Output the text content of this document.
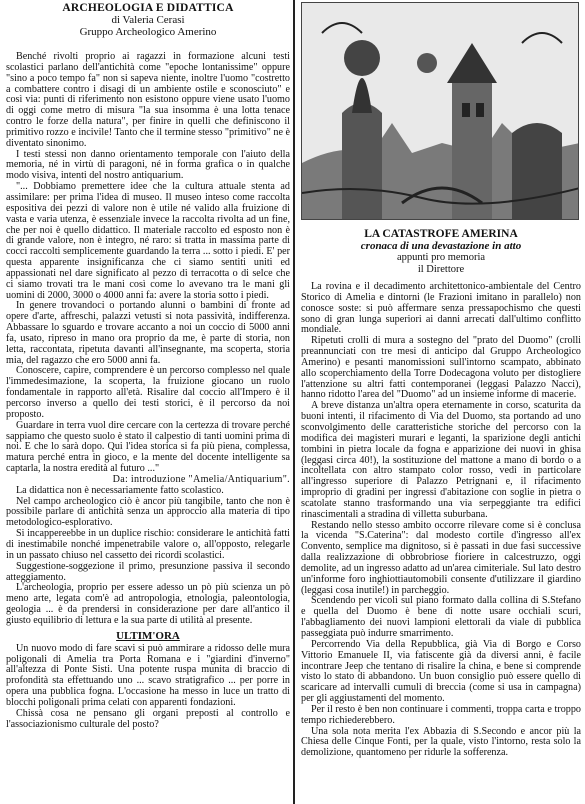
ARCHEOLOGIA E DIDATTICA
di Valeria Cerasi
Gruppo Archeologico Amerino

Benché rivolti proprio ai ragazzi in formazione alcuni testi scolastici parlano dell'antichità come "epoche lontanissime" oppure "sino a poco tempo fa" non si sapeva niente, inoltre l'uomo "costretto a combattere contro i disagi di un ambiente ostile e sconosciuto" e così via: punti di riferimento non esistono oppure viene usato l'uomo di oggi come metro di misura "la sua insomma è una lotta tenace contro le forze della natura", per finire in quelli che definiscono il primitivo rozzo e incivile! Tanto che il termine stesso "primitivo" ne è diventato sinonimo.

I testi stessi non danno orientamento temporale con l'aiuto della memoria, né in virtù di paragoni, né in forma grafica o in qualche modo visiva, intenti del nostro antiquarium.

"... Dobbiamo premettere idee che la cultura attuale stenta ad assimilare: per prima l'idea di museo. Il museo inteso come raccolta espositiva dei pezzi di valore non è utile né valido alla fruizione di vasta e varia utenza, è essenziale invece la raccolta rivolta ad un fine, che per noi è quello didattico. Il materiale raccolto ed esposto non è di grande valore, non è integro, né raro: si tratta in massima parte di cocci raccolti semplicemente guardando la terra ... sotto i piedi. E' per questa apparente insignificanza che ci siamo sentiti uniti ed appassionati nel dare significato al pezzo di terracotta o di selce che ci siamo trovati tra le mani così come lo avevano tra le mani gli uomini di 2000, 3000 o 4000 anni fa: avere la storia sotto i piedi.

In genere trovandoci o portando alunni o bambini di fronte ad opere d'arte, affreschi, palazzi vetusti si nota passività, indifferenza. Abbassare lo sguardo e trovare accanto a noi un coccio di 5000 anni fa, usato, ripreso in mano ora proprio da me, è parte di storia, non letta, raccontata, ripetuta davanti all'insegnante, ma scoperta, storia mia, del ragazzo che ero 5000 anni fa.

Conoscere, capire, comprendere è un percorso complesso nel quale l'immedesimazione, la scoperta, la fruizione giocano un ruolo fondamentale in rapporto all'età. Risalire dal coccio all'Impero è il percorso inverso a quello dei testi storici, è il percorso da noi proposto.

Guardare in terra vuol dire cercare con la certezza di trovare perché sappiamo che questo suolo è stato il calpestio di tanti uomini prima di noi. E che lo sarà dopo. Qui l'idea storica si fa più piena, complessa, matura perché entra in gioco, e la mente del docente intelligente sa captarla, la nostra eredità al futuro ..."

Da: introduzione "Amelia/Antiquarium".

La didattica non è necessariamente fatto scolastico.

Nel campo archeologico ciò è ancor più tangibile, tanto che non è possibile parlare di antichità senza un approccio alla materia di tipo metodologico-esplorativo.

Si incappereebbe in un duplice rischio: considerare le antichità fatti di inestimabile nonché impenetrabile valore o, all'opposto, relegarle in un passato chiuso nel cassetto dei ricordi scolastici.

Suggestione-soggezione il primo, presunzione passiva il secondo atteggiamento.

L'archeologia, proprio per essere adesso un pò più scienza un pò meno arte, legata com'è ad antropologia, etnologia, paleontologia, geologia ... è da prendersi in considerazione per dare all'antico il giusto equilibrio di lettura e la sua parte di utilità al presente.

ULTIM'ORA

Un nuovo modo di fare scavi si può ammirare a ridosso delle mura poligonali di Amelia tra Porta Romana e i "giardini d'inverno" all'altezza di Ponte Sisti. Una potente ruspa munita di braccio di profondità sta effettuando uno ... scavo stratigrafico ... per porre in opera una pubblica fogna. L'occasione ha messo in luce un tratto di blocchi poligonali prima celati con apparenti fondazioni.

Chissà cosa ne pensano gli organi preposti al controllo e l'associazionismo culturale del posto?

LA CATASTROFE AMERINA
cronaca di una devastazione in atto
appunti pro memoria
il Direttore

La rovina e il decadimento architettonico-ambientale del Centro Storico di Amelia e dintorni (le Frazioni imitano in parallelo) non conosce soste: si può affermare senza pressapochismo che questi sono di gran lunga superiori ai danni arrecati dall'ultimo conflitto mondiale.

Ripetuti crolli di mura a sostegno del "prato del Duomo" (crolli preannunciati con tre mesi di anticipo dal Gruppo Archeologico Amerino) e pesanti manomissioni sull'intorno scampato, abbinato allo scoperchiamento della Torre Dodecagona voluto per distogliere l'attenzione su altri fatti contemporanei (leggasi Palazzo Nacci), hanno ridotto l'area del "Duomo" ad un insieme informe di macerie.

A breve distanza un'altra opera eternamente in corso, scaturita da buoni intenti, il rifacimento di Via del Duomo, sta portando ad uno sconvolgimento delle caratteristiche storiche del percorso con la modifica dei magisteri murari e leganti, la sparizione degli antichi tombini in pietra locale da fogna e apparizione dei nuovi in ghisa (leggasi circa 40!), la sostituzione del mattone a mano di bordo o a incoltellata con altro stampato color rosso, vedi in particolare all'ingresso superiore di Palazzo Petrignani e, il rifacimento improprio di gradini per ingressi d'abitazione con soglie in pietra o scatolate stanno trasformando una via serpeggiante tra edifici rinascimentali a stradina di villetta suburbana.

Restando nello stesso ambito occorre rilevare come si è conclusa la vicenda "S.Caterina": dal modesto cortile d'ingresso all'ex Convento, semplice ma dignitoso, si è passati in due fasi successive dalla realizzazione di obbrobriose fioriere in calcestruzzo, oggi demolite, ad un ingresso adatto ad un'area cimiteriale. Sul lato destro un'informe foro inghiottiautomobili consente d'utilizzare il giardino (leggasi cosa inutile!) in parcheggio.

Scendendo per vicoli sul piano formato dalla collina di S.Stefano e quella del Duomo è bene di notte usare occhiali scuri, l'abbagliamento dei nuovi lampioni elettorali da viale di pubblica passeggiata può indurre smarrimento.

Percorrendo Via della Repubblica, già Via di Borgo e Corso Vittorio Emanuele II, via fatiscente già da diversi anni, è facile incontrare Jeep che tentano di risalire la china, e bene si comprende visto lo stato di abbandono. Un buon consiglio può essere quello di scaricare ad intervalli cumuli di breccia (come si usa in campagna) per gli aggiustamenti del momento.

Per il resto è ben non continuare i commenti, troppa carta e troppo tempo richiederebbero.

Una sola nota merita l'ex Abbazia di S.Secondo e ancor più la Chiesa delle Cinque Fonti, per la quale, visto l'intorno, resta solo la demolizione, quantomeno per ridurle la sofferenza.
